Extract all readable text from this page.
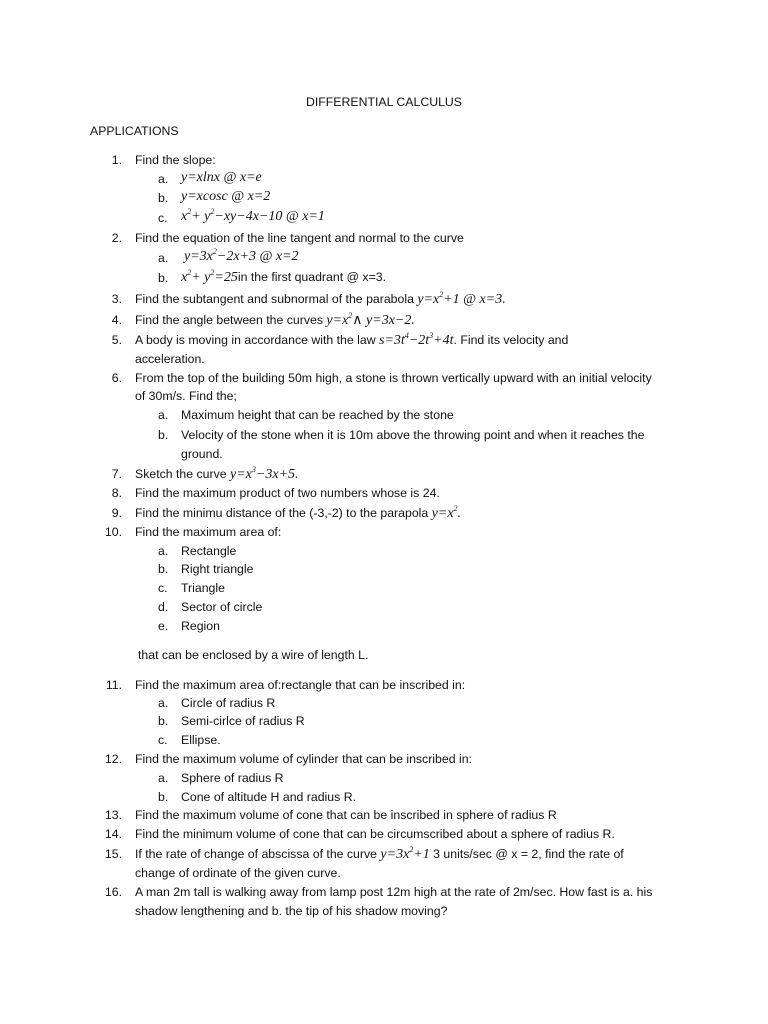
DIFFERENTIAL CALCULUS
APPLICATIONS
1. Find the slope:
a. y=xlnx @ x=e
b. y=xcosc @ x=2
c. $x^2+ y^2-xy-4x-10$ @ x=1
2. Find the equation of the line tangent and normal to the curve
a. $y=3x^2-2x+3$ @ x=2
b. $x^2+ y^2=25in$ the first quadrant @ x=3.
3. Find the subtangent and subnormal of the parabola $y=x^2+1$ @ x=3.
4. Find the angle between the curves $y=x^2\wedge$ y=3x−2.
5. A body is moving in accordance with the law $s=3t^4-2t^3+4t$. Find its velocity and
acceleration.
6. From the top of the building 50m high, a stone is thrown vertically upward with an initial velocity
of 30m/s. Find the;
a. Maximum height that can be reached by the stone
b. Velocity of the stone when it is 10m above the throwing point and when it reaches the
ground.
7. Sketch the curve $y=x^3-3x+5$.
8. Find the maximum product of two numbers whose is 24.
9. Find the minimu distance of the (-3,-2) to the parapola $y=x^2$.
10. Find the maximum area of:
a. Rectangle
b. Right triangle
c. Triangle
d. Sector of circle
e. Region
that can be enclosed by a wire of length L.
11. Find the maximum area of:rectangle that can be inscribed in:
a. Circle of radius R
b. Semi-cirlce of radius R
c. Ellipse.
12. Find the maximum volume of cylinder that can be inscribed in:
a. Sphere of radius R
b. Cone of altitude H and radius R.
13. Find the maximum volume of cone that can be inscribed in sphere of radius R
14. Find the minimum volume of cone that can be circumscribed about a sphere of radius R.
15. If the rate of change of abscissa of the curve $y=3x^2+1$ 3 units/sec @ x = 2, find the rate of
change of ordinate of the given curve.
16. A man 2m tall is walking away from lamp post 12m high at the rate of 2m/sec. How fast is a. his
shadow lengthening and b. the tip of his shadow moving?
